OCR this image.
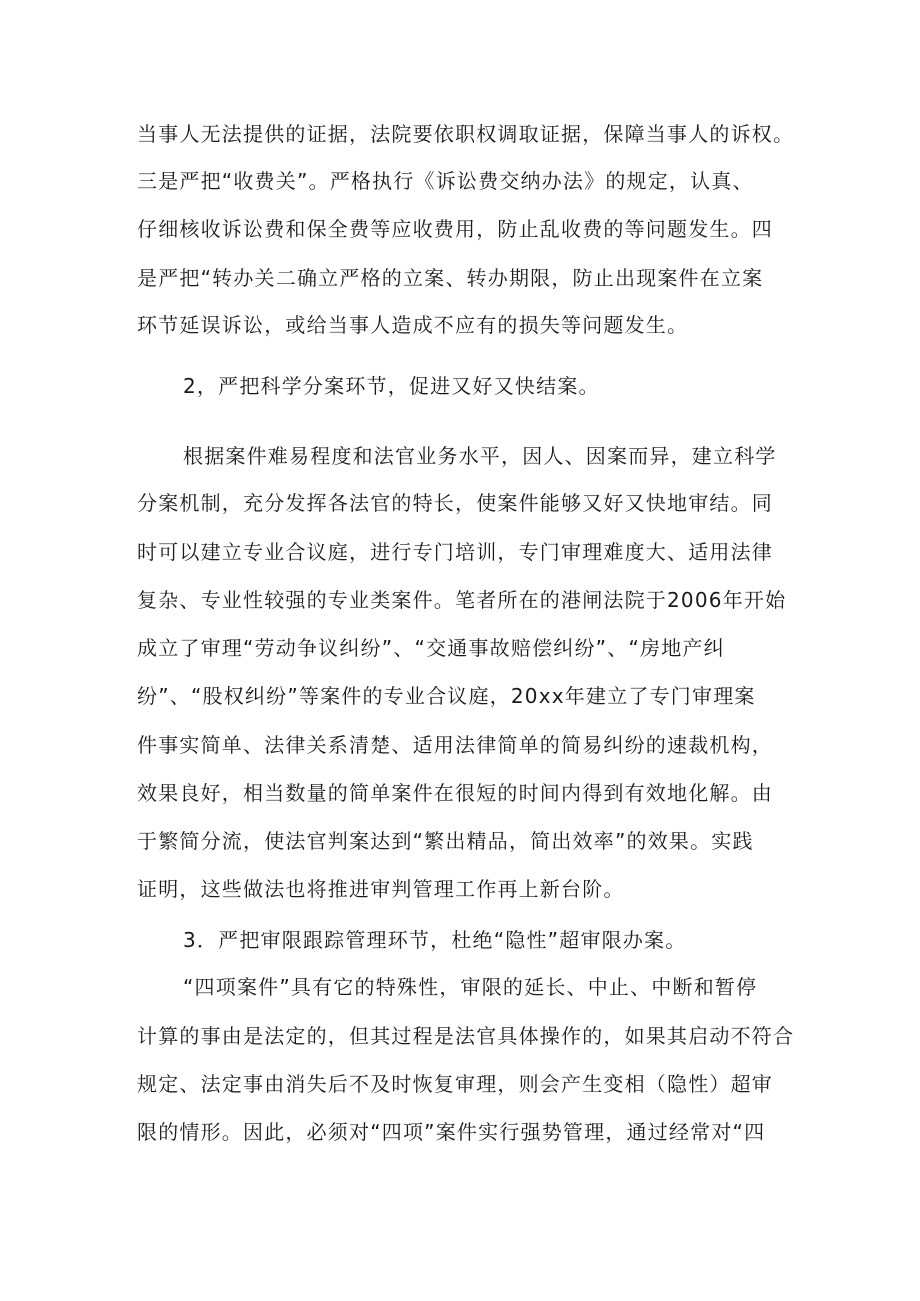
当事人无法提供的证据，法院要依职权调取证据，保障当事人的诉权。
三是严把“收费关”。严格执行《诉讼费交纳办法》的规定，认真、
仔细核收诉讼费和保全费等应收费用，防止乱收费的等问题发生。四
是严把“转办关二确立严格的立案、转办期限，防止出现案件在立案
环节延误诉讼，或给当事人造成不应有的损失等问题发生。
2，严把科学分案环节，促进又好又快结案。
根据案件难易程度和法官业务水平，因人、因案而异，建立科学
分案机制，充分发挥各法官的特长，使案件能够又好又快地审结。同
时可以建立专业合议庭，进行专门培训，专门审理难度大、适用法律
复杂、专业性较强的专业类案件。笔者所在的港闸法院于2006年开始
成立了审理“劳动争议纠纷”、“交通事故赔偿纠纷”、“房地产纠
纷”、“股权纠纷”等案件的专业合议庭，20xx年建立了专门审理案
件事实简单、法律关系清楚、适用法律简单的简易纠纷的速裁机构，
效果良好，相当数量的简单案件在很短的时间内得到有效地化解。由
于繁简分流，使法官判案达到“繁出精品，简出效率”的效果。实践
证明，这些做法也将推进审判管理工作再上新台阶。
3．严把审限跟踪管理环节，杜绝“隐性”超审限办案。
“四项案件”具有它的特殊性，审限的延长、中止、中断和暂停
计算的事由是法定的，但其过程是法官具体操作的，如果其启动不符合
规定、法定事由消失后不及时恢复审理，则会产生变相（隐性）超审
限的情形。因此，必须对“四项”案件实行强势管理，通过经常对“四
